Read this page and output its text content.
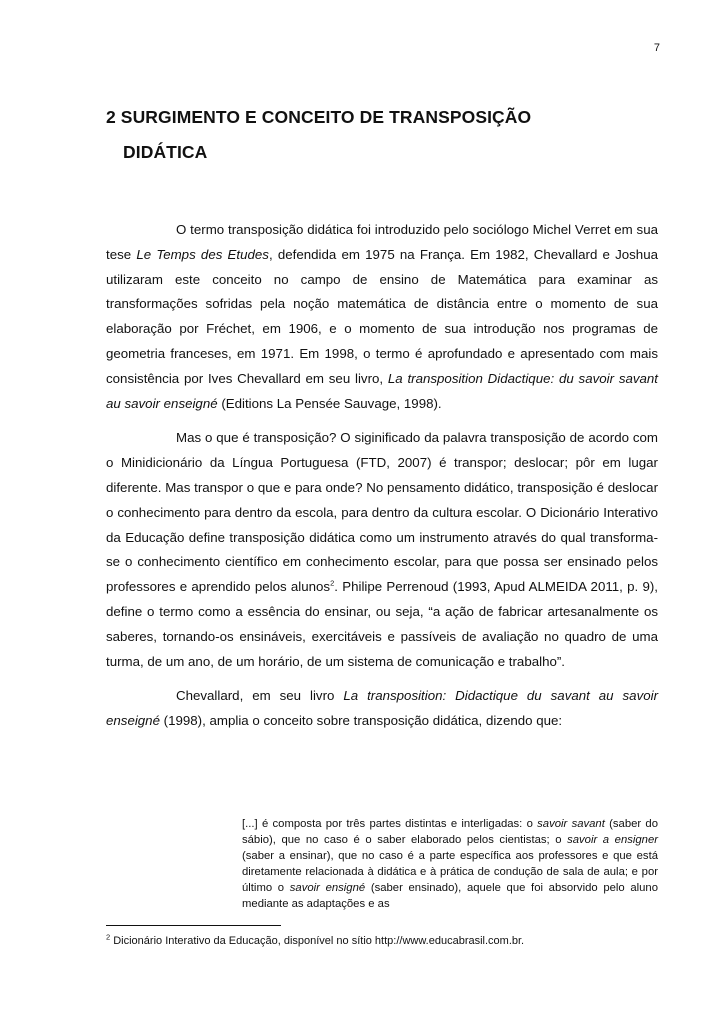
7
2 SURGIMENTO E CONCEITO DE TRANSPOSIÇÃO
DIDÁTICA

O termo transposição didática foi introduzido pelo sociólogo Michel Verret em sua tese Le Temps des Etudes, defendida em 1975 na França. Em 1982, Chevallard e Joshua utilizaram este conceito no campo de ensino de Matemática para examinar as transformações sofridas pela noção matemática de distância entre o momento de sua elaboração por Fréchet, em 1906, e o momento de sua introdução nos programas de geometria franceses, em 1971. Em 1998, o termo é aprofundado e apresentado com mais consistência por Ives Chevallard em seu livro, La transposition Didactique: du savoir savant au savoir enseigné (Editions La Pensée Sauvage, 1998).

Mas o que é transposição? O siginificado da palavra transposição de acordo com o Minidicionário da Língua Portuguesa (FTD, 2007) é transpor; deslocar; pôr em lugar diferente. Mas transpor o que e para onde? No pensamento didático, transposição é deslocar o conhecimento para dentro da escola, para dentro da cultura escolar. O Dicionário Interativo da Educação define transposição didática como um instrumento através do qual transforma-se o conhecimento científico em conhecimento escolar, para que possa ser ensinado pelos professores e aprendido pelos alunos$^2$. Philipe Perrenoud (1993, Apud ALMEIDA 2011, p. 9), define o termo como a essência do ensinar, ou seja, “a ação de fabricar artesanalmente os saberes, tornando-os ensináveis, exercitáveis e passíveis de avaliação no quadro de uma turma, de um ano, de um horário, de um sistema de comunicação e trabalho”.

Chevallard, em seu livro La transposition: Didactique du savant au savoir enseigné (1998), amplia o conceito sobre transposição didática, dizendo que:

[...] é composta por três partes distintas e interligadas: o savoir savant (saber do sábio), que no caso é o saber elaborado pelos cientistas; o savoir a ensigner (saber a ensinar), que no caso é a parte específica aos professores e que está diretamente relacionada à didática e à prática de condução de sala de aula; e por último o savoir ensigné (saber ensinado), aquele que foi absorvido pelo aluno mediante as adaptações e as
$^2$ Dicionário Interativo da Educação, disponível no sítio http://www.educabrasil.com.br.
